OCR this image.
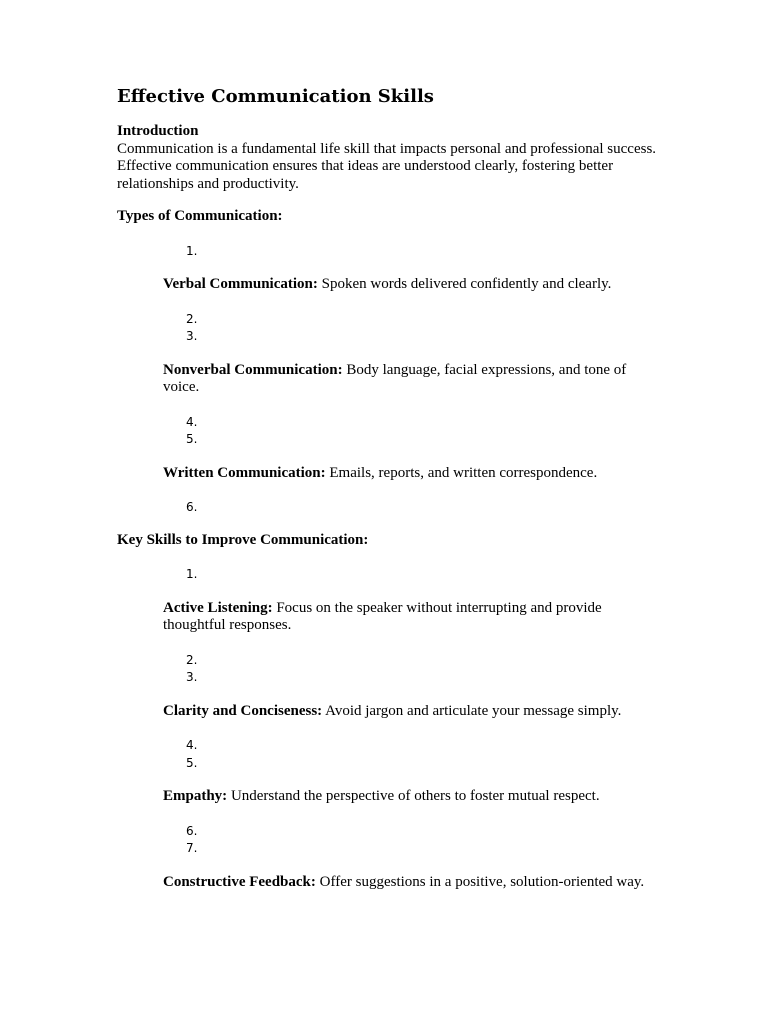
Effective Communication Skills
Introduction
Communication is a fundamental life skill that impacts personal and professional success. Effective communication ensures that ideas are understood clearly, fostering better relationships and productivity.
Types of Communication:
1.
Verbal Communication: Spoken words delivered confidently and clearly.
2.
3.
Nonverbal Communication: Body language, facial expressions, and tone of voice.
4.
5.
Written Communication: Emails, reports, and written correspondence.
6.
Key Skills to Improve Communication:
1.
Active Listening: Focus on the speaker without interrupting and provide thoughtful responses.
2.
3.
Clarity and Conciseness: Avoid jargon and articulate your message simply.
4.
5.
Empathy: Understand the perspective of others to foster mutual respect.
6.
7.
Constructive Feedback: Offer suggestions in a positive, solution-oriented way.
